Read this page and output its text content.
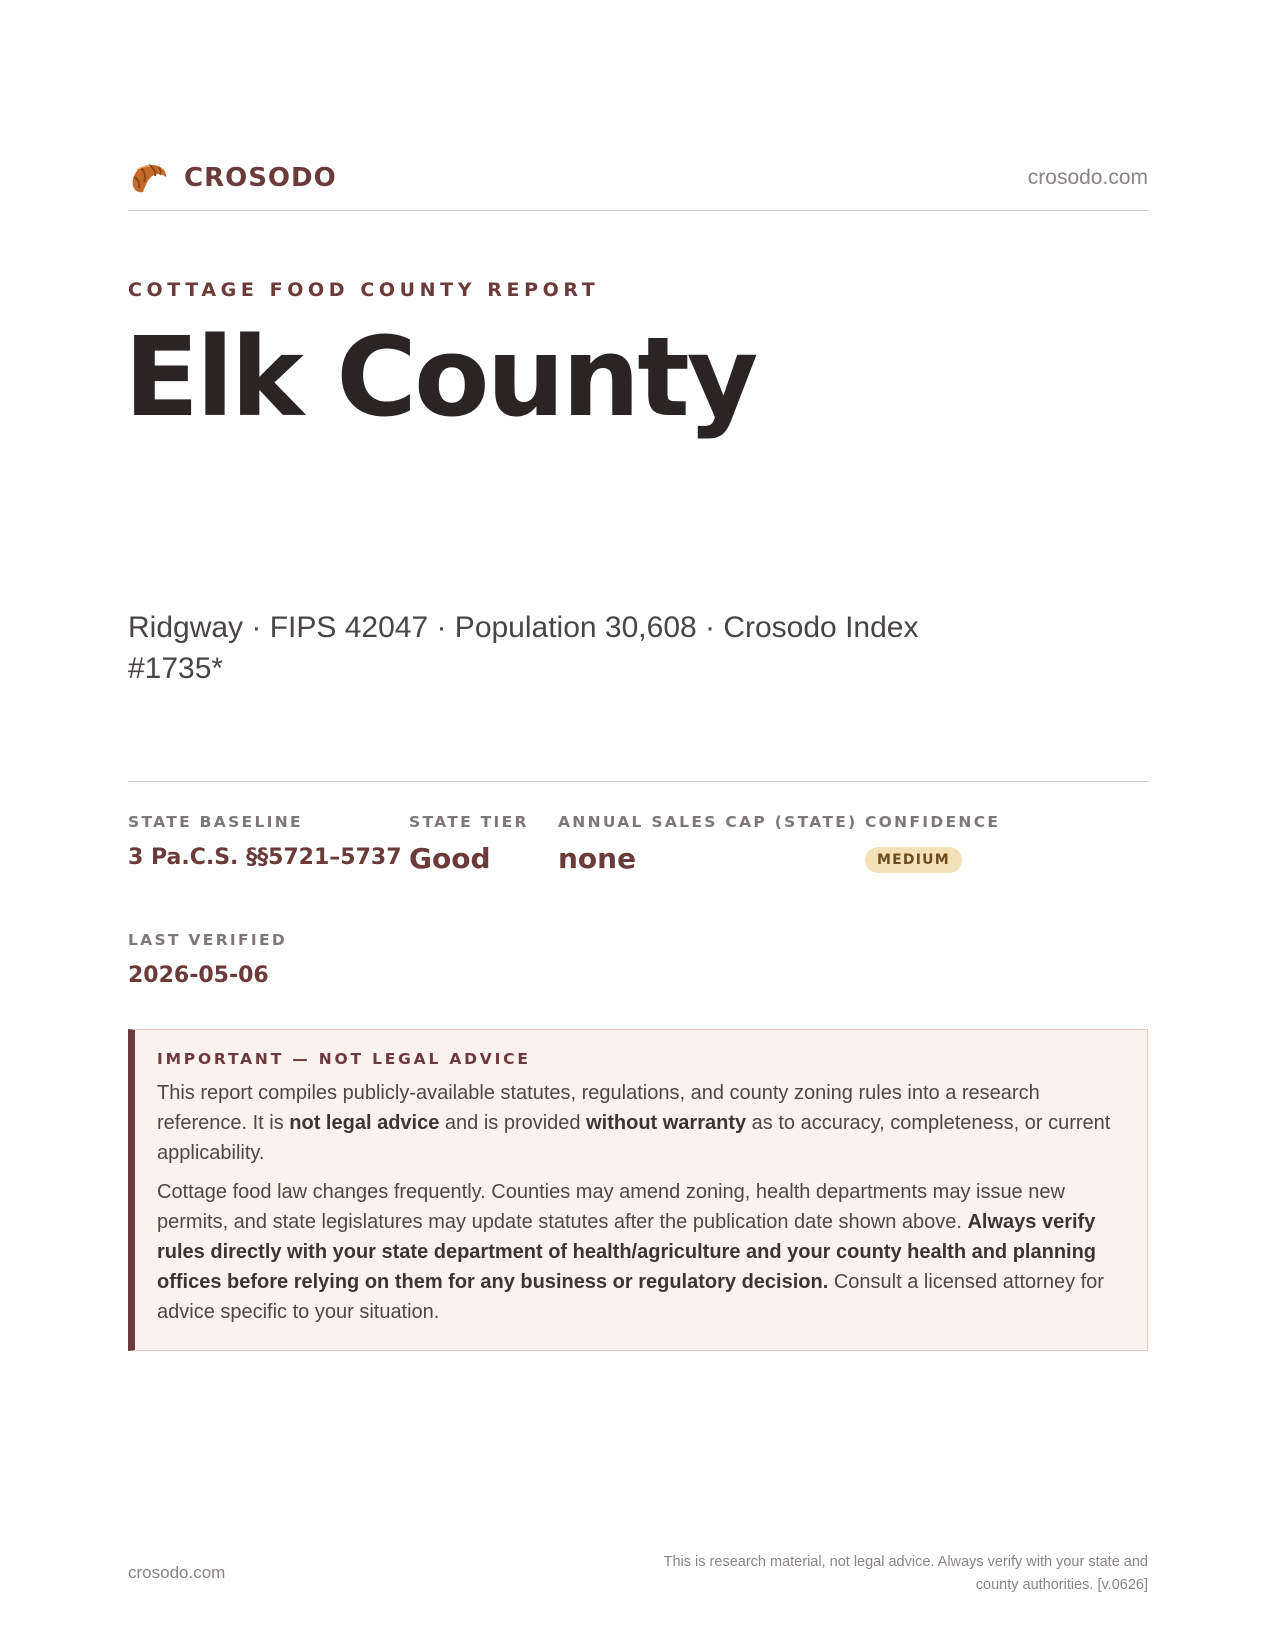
CROSODO	crosodo.com
COTTAGE FOOD COUNTY REPORT
Elk County
Ridgway · FIPS 42047 · Population 30,608 · Crosodo Index #1735*
STATE BASELINE
3 Pa.C.S. §§5721–5737
STATE TIER
Good
ANNUAL SALES CAP (STATE)
none
CONFIDENCE
MEDIUM
LAST VERIFIED
2026-05-06
IMPORTANT — NOT LEGAL ADVICE

This report compiles publicly-available statutes, regulations, and county zoning rules into a research reference. It is not legal advice and is provided without warranty as to accuracy, completeness, or current applicability.

Cottage food law changes frequently. Counties may amend zoning, health departments may issue new permits, and state legislatures may update statutes after the publication date shown above. Always verify rules directly with your state department of health/agriculture and your county health and planning offices before relying on them for any business or regulatory decision. Consult a licensed attorney for advice specific to your situation.

crosodo.com
This is research material, not legal advice. Always verify with your state and county authorities. [v.0626]
